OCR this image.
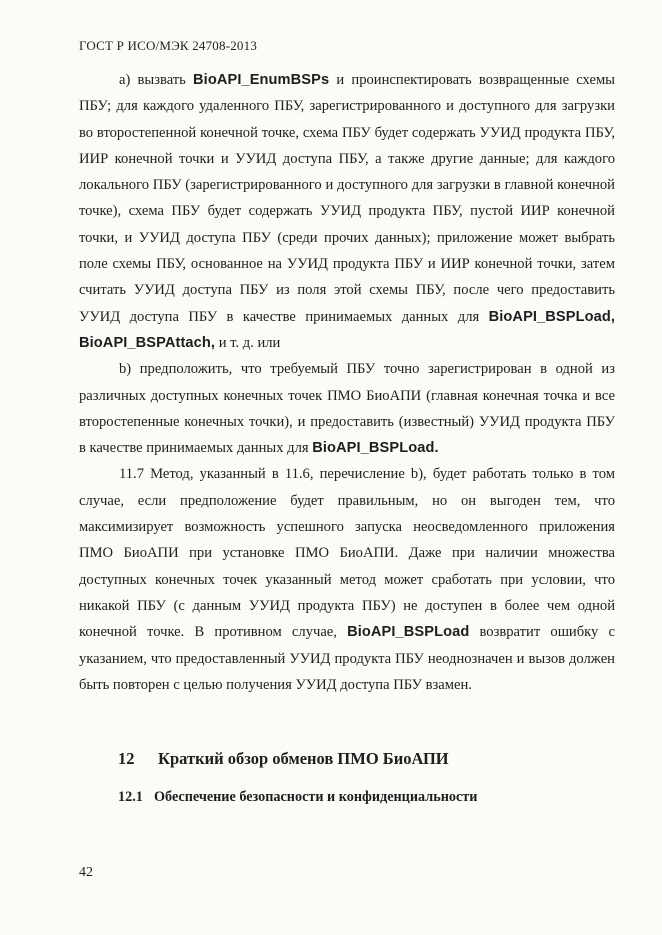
ГОСТ Р ИСО/МЭК 24708-2013

а) вызвать BioAPI_EnumBSPs и проинспектировать возвращенные схемы ПБУ; для каждого удаленного ПБУ, зарегистрированного и доступного для загрузки во второстепенной конечной точке, схема ПБУ будет содержать УУИД продукта ПБУ, ИИР конечной точки и УУИД доступа ПБУ, а также другие данные; для каждого локального ПБУ (зарегистрированного и доступного для загрузки в главной конечной точке), схема ПБУ будет содержать УУИД продукта ПБУ, пустой ИИР конечной точки, и УУИД доступа ПБУ (среди прочих данных); приложение может выбрать поле схемы ПБУ, основанное на УУИД продукта ПБУ и ИИР конечной точки, затем считать УУИД доступа ПБУ из поля этой схемы ПБУ, после чего предоставить УУИД доступа ПБУ в качестве принимаемых данных для BioAPI_BSPLoad, BioAPI_BSPAttach, и т. д. или

b) предположить, что требуемый ПБУ точно зарегистрирован в одной из различных доступных конечных точек ПМО БиоАПИ (главная конечная точка и все второстепенные конечных точки), и предоставить (известный) УУИД продукта ПБУ в качестве принимаемых данных для BioAPI_BSPLoad.

11.7 Метод, указанный в 11.6, перечисление b), будет работать только в том случае, если предположение будет правильным, но он выгоден тем, что максимизирует возможность успешного запуска неосведомленного приложения ПМО БиоАПИ при установке ПМО БиоАПИ. Даже при наличии множества доступных конечных точек указанный метод может сработать при условии, что никакой ПБУ (с данным УУИД продукта ПБУ) не доступен в более чем одной конечной точке. В противном случае, BioAPI_BSPLoad возвратит ошибку с указанием, что предоставленный УУИД продукта ПБУ неоднозначен и вызов должен быть повторен с целью получения УУИД доступа ПБУ взамен.

12 Краткий обзор обменов ПМО БиоАПИ
12.1 Обеспечение безопасности и конфиденциальности
42
